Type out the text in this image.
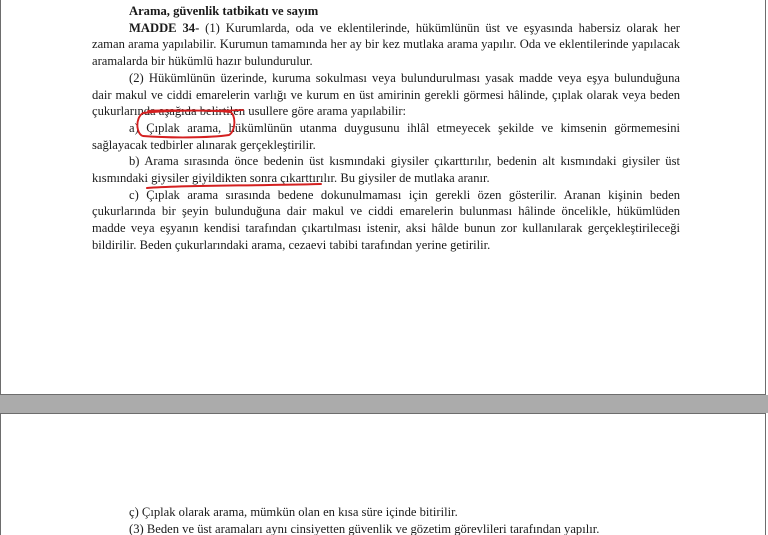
Arama, güvenlik tatbikatı ve sayım

MADDE 34- (1) Kurumlarda, oda ve eklentilerinde, hükümlünün üst ve eşyasında habersiz olarak her zaman arama yapılabilir. Kurumun tamamında her ay bir kez mutlaka arama yapılır. Oda ve eklentilerinde yapılacak aramalarda bir hükümlü hazır bulundurulur.

(2) Hükümlünün üzerinde, kuruma sokulması veya bulundurulması yasak madde veya eşya bulunduğuna dair makul ve ciddi emarelerin varlığı ve kurum en üst amirinin gerekli görmesi hâlinde, çıplak olarak veya beden çukurlarında aşağıda belirtilen usullere göre arama yapılabilir:

a) Çıplak arama, hükümlünün utanma duygusunu ihlâl etmeyecek şekilde ve kimsenin görmemesini sağlayacak tedbirler alınarak gerçekleştirilir.

b) Arama sırasında önce bedenin üst kısmındaki giysiler çıkarttırılır, bedenin alt kısmındaki giysiler üst kısmındaki giysiler giyildikten sonra çıkarttırılır. Bu giysiler de mutlaka aranır.

c) Çıplak arama sırasında bedene dokunulmaması için gerekli özen gösterilir. Aranan kişinin beden çukurlarında bir şeyin bulunduğuna dair makul ve ciddi emarelerin bulunması hâlinde öncelikle, hükümlüden madde veya eşyanın kendisi tarafından çıkartılması istenir, aksi hâlde bunun zor kullanılarak gerçekleştirileceği bildirilir. Beden çukurlarındaki arama, cezaevi tabibi tarafından yerine getirilir.

ç) Çıplak olarak arama, mümkün olan en kısa süre içinde bitirilir.

(3) Beden ve üst aramaları aynı cinsiyetten güvenlik ve gözetim görevlileri tarafından yapılır.
